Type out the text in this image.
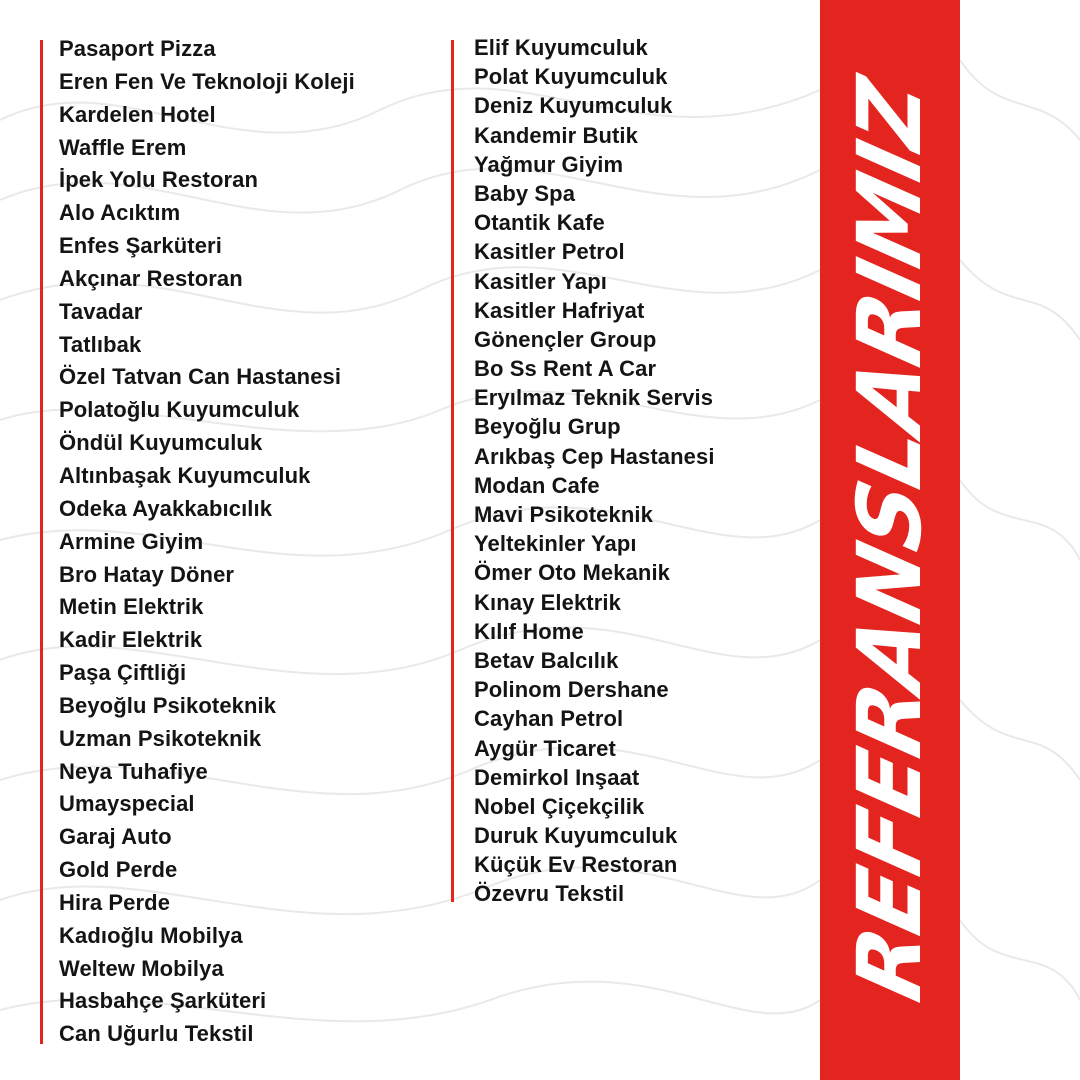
Pasaport Pizza
Eren Fen Ve Teknoloji Koleji
Kardelen Hotel
Waffle Erem
İpek Yolu Restoran
Alo Acıktım
Enfes Şarküteri
Akçınar Restoran
Tavadar
Tatlıbak
Özel Tatvan Can Hastanesi
Polatoğlu Kuyumculuk
Öndül Kuyumculuk
Altınbaşak Kuyumculuk
Odeka Ayakkabıcılık
Armine Giyim
Bro Hatay Döner
Metin Elektrik
Kadir Elektrik
Paşa Çiftliği
Beyoğlu Psikoteknik
Uzman Psikoteknik
Neya Tuhafiye
Umayspecial
Garaj Auto
Gold Perde
Hira Perde
Kadıoğlu Mobilya
Weltew Mobilya
Hasbahçe Şarküteri
Can Uğurlu Tekstil
Elif Kuyumculuk
Polat Kuyumculuk
Deniz Kuyumculuk
Kandemir Butik
Yağmur Giyim
Baby Spa
Otantik Kafe
Kasitler Petrol
Kasitler Yapı
Kasitler Hafriyat
Gönençler Group
Bo Ss Rent A Car
Eryılmaz Teknik Servis
Beyoğlu Grup
Arıkbaş Cep Hastanesi
Modan Cafe
Mavi Psikoteknik
Yeltekinler Yapı
Ömer Oto Mekanik
Kınay Elektrik
Kılıf Home
Betav Balcılık
Polinom Dershane
Cayhan Petrol
Aygür Ticaret
Demirkol Inşaat
Nobel Çiçekçilik
Duruk Kuyumculuk
Küçük Ev Restoran
Özevru Tekstil	REFERANSLARIMIZ
